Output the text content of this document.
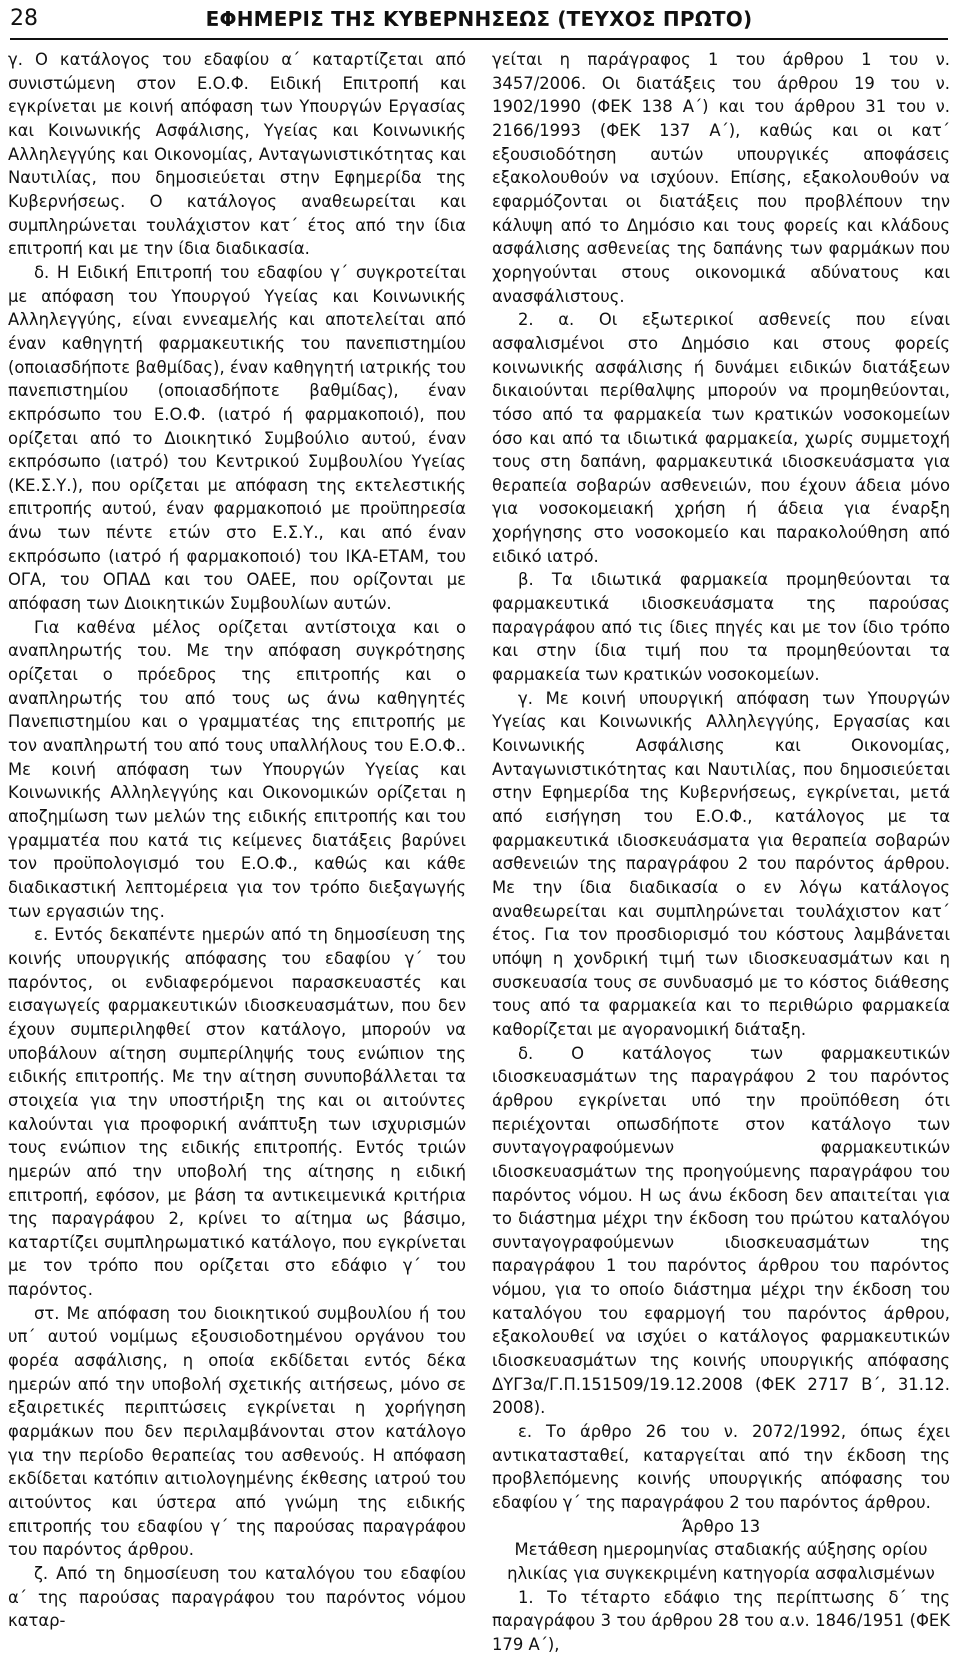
28	ΕΦΗΜΕΡΙΣ ΤΗΣ ΚΥΒΕΡΝΗΣΕΩΣ (ΤΕΥΧΟΣ ΠΡΩΤΟ)

γ. Ο κατάλογος του εδαφίου α΄ καταρτίζεται από συνιστώμενη στον Ε.Ο.Φ. Ειδική Επιτροπή και εγκρίνεται με κοινή απόφαση των Υπουργών Εργασίας και Κοινωνικής Ασφάλισης, Υγείας και Κοινωνικής Αλληλεγγύης και Οικονομίας, Ανταγωνιστικότητας και Ναυτιλίας, που δημοσιεύεται στην Εφημερίδα της Κυβερνήσεως. Ο κατάλογος αναθεωρείται και συμπληρώνεται τουλάχιστον κατ΄ έτος από την ίδια επιτροπή και με την ίδια διαδικασία.

δ. Η Ειδική Επιτροπή του εδαφίου γ΄ συγκροτείται με απόφαση του Υπουργού Υγείας και Κοινωνικής Αλληλεγγύης, είναι εννεαμελής και αποτελείται από έναν καθηγητή φαρμακευτικής του πανεπιστημίου (οποιασδήποτε βαθμίδας), έναν καθηγητή ιατρικής του πανεπιστημίου (οποιασδήποτε βαθμίδας), έναν εκπρόσωπο του Ε.Ο.Φ. (ιατρό ή φαρμακοποιό), που ορίζεται από το Διοικητικό Συμβούλιο αυτού, έναν εκπρόσωπο (ιατρό) του Κεντρικού Συμβουλίου Υγείας (ΚΕ.Σ.Υ.), που ορίζεται με απόφαση της εκτελεστικής επιτροπής αυτού, έναν φαρμακοποιό με προϋπηρεσία άνω των πέντε ετών στο Ε.Σ.Υ., και από έναν εκπρόσωπο (ιατρό ή φαρμακοποιό) του ΙΚΑ-ΕΤΑΜ, του ΟΓΑ, του ΟΠΑΔ και του ΟΑΕΕ, που ορίζονται με απόφαση των Διοικητικών Συμβουλίων αυτών.

Για καθένα μέλος ορίζεται αντίστοιχα και ο αναπληρωτής του. Με την απόφαση συγκρότησης ορίζεται ο πρόεδρος της επιτροπής και ο αναπληρωτής του από τους ως άνω καθηγητές Πανεπιστημίου και ο γραμματέας της επιτροπής με τον αναπληρωτή του από τους υπαλλήλους του Ε.Ο.Φ.. Με κοινή απόφαση των Υπουργών Υγείας και Κοινωνικής Αλληλεγγύης και Οικονομικών ορίζεται η αποζημίωση των μελών της ειδικής επιτροπής και του γραμματέα που κατά τις κείμενες διατάξεις βαρύνει τον προϋπολογισμό του Ε.Ο.Φ., καθώς και κάθε διαδικαστική λεπτομέρεια για τον τρόπο διεξαγωγής των εργασιών της.

ε. Εντός δεκαπέντε ημερών από τη δημοσίευση της κοινής υπουργικής απόφασης του εδαφίου γ΄ του παρόντος, οι ενδιαφερόμενοι παρασκευαστές και εισαγωγείς φαρμακευτικών ιδιοσκευασμάτων, που δεν έχουν συμπεριληφθεί στον κατάλογο, μπορούν να υποβάλουν αίτηση συμπερίληψής τους ενώπιον της ειδικής επιτροπής. Με την αίτηση συνυποβάλλεται τα στοιχεία για την υποστήριξη της και οι αιτούντες καλούνται για προφορική ανάπτυξη των ισχυρισμών τους ενώπιον της ειδικής επιτροπής. Εντός τριών ημερών από την υποβολή της αίτησης η ειδική επιτροπή, εφόσον, με βάση τα αντικειμενικά κριτήρια της παραγράφου 2, κρίνει το αίτημα ως βάσιμο, καταρτίζει συμπληρωματικό κατάλογο, που εγκρίνεται με τον τρόπο που ορίζεται στο εδάφιο γ΄ του παρόντος.

στ. Με απόφαση του διοικητικού συμβουλίου ή του υπ΄ αυτού νομίμως εξουσιοδοτημένου οργάνου του φορέα ασφάλισης, η οποία εκδίδεται εντός δέκα ημερών από την υποβολή σχετικής αιτήσεως, μόνο σε εξαιρετικές περιπτώσεις εγκρίνεται η χορήγηση φαρμάκων που δεν περιλαμβάνονται στον κατάλογο για την περίοδο θεραπείας του ασθενούς. Η απόφαση εκδίδεται κατόπιν αιτιολογημένης έκθεσης ιατρού του αιτούντος και ύστερα από γνώμη της ειδικής επιτροπής του εδαφίου γ΄ της παρούσας παραγράφου του παρόντος άρθρου.

ζ. Από τη δημοσίευση του καταλόγου του εδαφίου α΄ της παρούσας παραγράφου του παρόντος νόμου καταρ-

γείται η παράγραφος 1 του άρθρου 1 του ν. 3457/2006. Οι διατάξεις του άρθρου 19 του ν. 1902/1990 (ΦΕΚ 138 Α΄) και του άρθρου 31 του ν. 2166/1993 (ΦΕΚ 137 Α΄), καθώς και οι κατ΄ εξουσιοδότηση αυτών υπουργικές αποφάσεις εξακολουθούν να ισχύουν. Επίσης, εξακολουθούν να εφαρμόζονται οι διατάξεις που προβλέπουν την κάλυψη από το Δημόσιο και τους φορείς και κλάδους ασφάλισης ασθενείας της δαπάνης των φαρμάκων που χορηγούνται στους οικονομικά αδύνατους και ανασφάλιστους.

2. α. Οι εξωτερικοί ασθενείς που είναι ασφαλισμένοι στο Δημόσιο και στους φορείς κοινωνικής ασφάλισης ή δυνάμει ειδικών διατάξεων δικαιούνται περίθαλψης μπορούν να προμηθεύονται, τόσο από τα φαρμακεία των κρατικών νοσοκομείων όσο και από τα ιδιωτικά φαρμακεία, χωρίς συμμετοχή τους στη δαπάνη, φαρμακευτικά ιδιοσκευάσματα για θεραπεία σοβαρών ασθενειών, που έχουν άδεια μόνο για νοσοκομειακή χρήση ή άδεια για έναρξη χορήγησης στο νοσοκομείο και παρακολούθηση από ειδικό ιατρό.

β. Τα ιδιωτικά φαρμακεία προμηθεύονται τα φαρμακευτικά ιδιοσκευάσματα της παρούσας παραγράφου από τις ίδιες πηγές και με τον ίδιο τρόπο και στην ίδια τιμή που τα προμηθεύονται τα φαρμακεία των κρατικών νοσοκομείων.

γ. Με κοινή υπουργική απόφαση των Υπουργών Υγείας και Κοινωνικής Αλληλεγγύης, Εργασίας και Κοινωνικής Ασφάλισης και Οικονομίας, Ανταγωνιστικότητας και Ναυτιλίας, που δημοσιεύεται στην Εφημερίδα της Κυβερνήσεως, εγκρίνεται, μετά από εισήγηση του Ε.Ο.Φ., κατάλογος με τα φαρμακευτικά ιδιοσκευάσματα για θεραπεία σοβαρών ασθενειών της παραγράφου 2 του παρόντος άρθρου. Με την ίδια διαδικασία ο εν λόγω κατάλογος αναθεωρείται και συμπληρώνεται τουλάχιστον κατ΄ έτος. Για τον προσδιορισμό του κόστους λαμβάνεται υπόψη η χονδρική τιμή των ιδιοσκευασμάτων και η συσκευασία τους σε συνδυασμό με το κόστος διάθεσης τους από τα φαρμακεία και το περιθώριο φαρμακεία καθορίζεται με αγορανομική διάταξη.

δ. Ο κατάλογος των φαρμακευτικών ιδιοσκευασμάτων της παραγράφου 2 του παρόντος άρθρου εγκρίνεται υπό την προϋπόθεση ότι περιέχονται οπωσδήποτε στον κατάλογο των συνταγογραφούμενων φαρμακευτικών ιδιοσκευασμάτων της προηγούμενης παραγράφου του παρόντος νόμου. Η ως άνω έκδοση δεν απαιτείται για το διάστημα μέχρι την έκδοση του πρώτου καταλόγου συνταγογραφούμενων ιδιοσκευασμάτων της παραγράφου 1 του παρόντος άρθρου του παρόντος νόμου, για το οποίο διάστημα μέχρι την έκδοση του καταλόγου του εφαρμογή του παρόντος άρθρου, εξακολουθεί να ισχύει ο κατάλογος φαρμακευτικών ιδιοσκευασμάτων της κοινής υπουργικής απόφασης ΔΥΓ3α/Γ.Π.151509/19.12.2008 (ΦΕΚ 2717 Β΄, 31.12. 2008).

ε. Το άρθρο 26 του ν. 2072/1992, όπως έχει αντικατασταθεί, καταργείται από την έκδοση της προβλεπόμενης κοινής υπουργικής απόφασης του εδαφίου γ΄ της παραγράφου 2 του παρόντος άρθρου.

Άρθρο 13

Μετάθεση ημερομηνίας σταδιακής αύξησης ορίου ηλικίας για συγκεκριμένη κατηγορία ασφαλισμένων

1. Το τέταρτο εδάφιο της περίπτωσης δ΄ της παραγράφου 3 του άρθρου 28 του α.ν. 1846/1951 (ΦΕΚ 179 Α΄),
